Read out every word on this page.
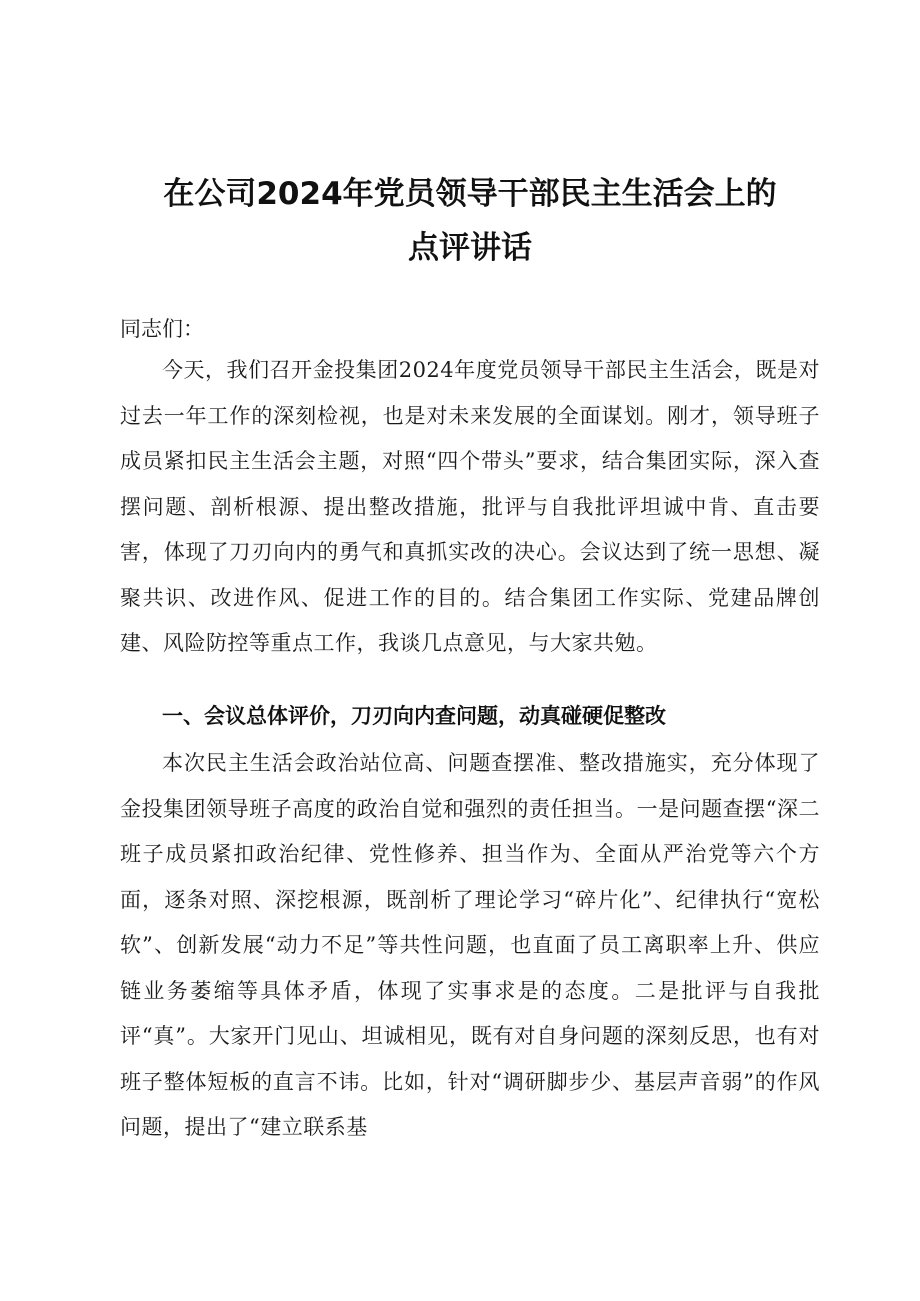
在公司2024年党员领导干部民主生活会上的
点评讲话

同志们：

今天，我们召开金投集团2024年度党员领导干部民主生活会，既是对过去一年工作的深刻检视，也是对未来发展的全面谋划。刚才，领导班子成员紧扣民主生活会主题，对照“四个带头”要求，结合集团实际，深入查摆问题、剖析根源、提出整改措施，批评与自我批评坦诚中肯、直击要害，体现了刀刃向内的勇气和真抓实改的决心。会议达到了统一思想、凝聚共识、改进作风、促进工作的目的。结合集团工作实际、党建品牌创建、风险防控等重点工作，我谈几点意见，与大家共勉。

一、会议总体评价，刀刃向内查问题，动真碰硬促整改

本次民主生活会政治站位高、问题查摆准、整改措施实，充分体现了金投集团领导班子高度的政治自觉和强烈的责任担当。一是问题查摆“深二班子成员紧扣政治纪律、党性修养、担当作为、全面从严治党等六个方面，逐条对照、深挖根源，既剖析了理论学习“碎片化”、纪律执行“宽松软”、创新发展“动力不足”等共性问题，也直面了员工离职率上升、供应链业务萎缩等具体矛盾，体现了实事求是的态度。二是批评与自我批评“真”。大家开门见山、坦诚相见，既有对自身问题的深刻反思，也有对班子整体短板的直言不讳。比如，针对“调研脚步少、基层声音弱”的作风问题，提出了“建立联系基
